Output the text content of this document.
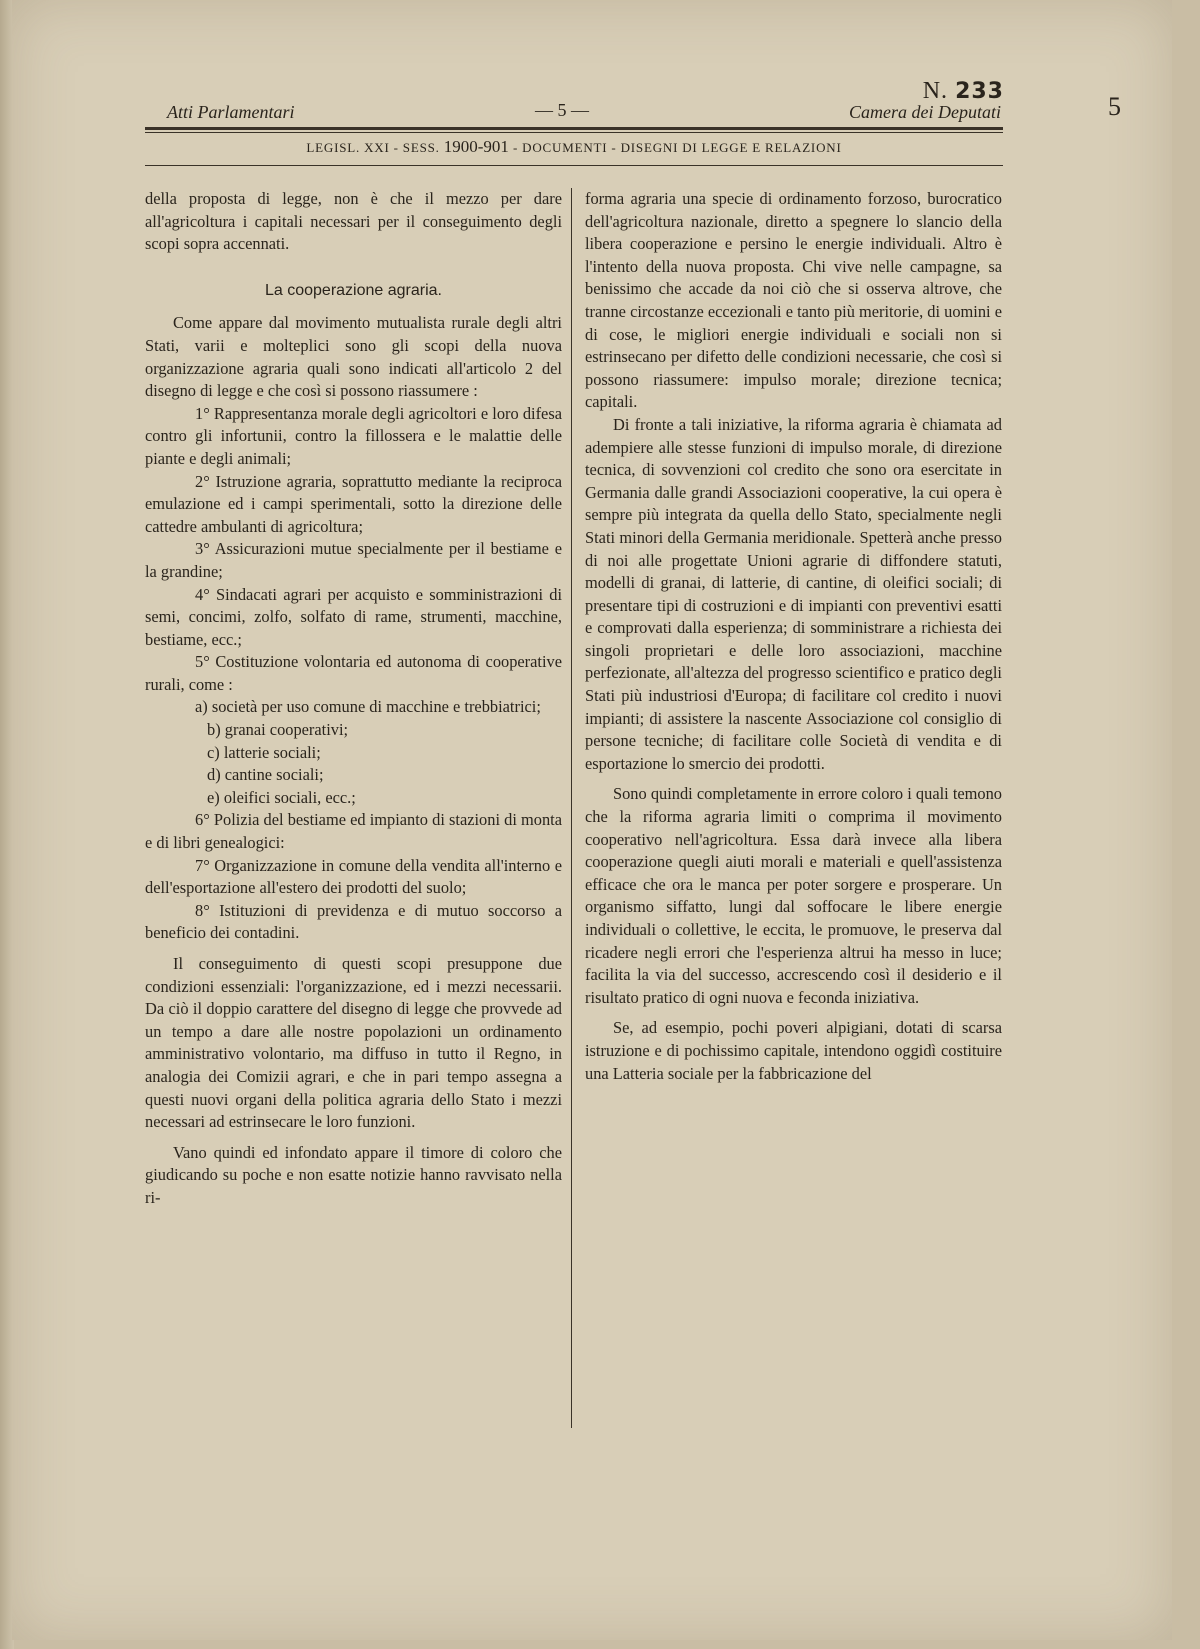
5
N. 233
Atti Parlamentari	— 5 —	Camera dei Deputati
LEGISL. XXI - SESS. 1900-901 - DOCUMENTI - DISEGNI DI LEGGE E RELAZIONI

della proposta di legge, non è che il mezzo per dare all'agricoltura i capitali necessari per il conseguimento degli scopi sopra accennati.

La cooperazione agraria.

Come appare dal movimento mutualista rurale degli altri Stati, varii e molteplici sono gli scopi della nuova organizzazione agraria quali sono indicati all'articolo 2 del disegno di legge e che così si possono riassumere :

1° Rappresentanza morale degli agricoltori e loro difesa contro gli infortunii, contro la fillossera e le malattie delle piante e degli animali;

2° Istruzione agraria, soprattutto mediante la reciproca emulazione ed i campi sperimentali, sotto la direzione delle cattedre ambulanti di agricoltura;

3° Assicurazioni mutue specialmente per il bestiame e la grandine;

4° Sindacati agrari per acquisto e somministrazioni di semi, concimi, zolfo, solfato di rame, strumenti, macchine, bestiame, ecc.;

5° Costituzione volontaria ed autonoma di cooperative rurali, come :

a) società per uso comune di macchine e trebbiatrici;

b) granai cooperativi;

c) latterie sociali;

d) cantine sociali;

e) oleifici sociali, ecc.;

6° Polizia del bestiame ed impianto di stazioni di monta e di libri genealogici:

7° Organizzazione in comune della vendita all'interno e dell'esportazione all'estero dei prodotti del suolo;

8° Istituzioni di previdenza e di mutuo soccorso a beneficio dei contadini.

Il conseguimento di questi scopi presuppone due condizioni essenziali: l'organizzazione, ed i mezzi necessarii. Da ciò il doppio carattere del disegno di legge che provvede ad un tempo a dare alle nostre popolazioni un ordinamento amministrativo volontario, ma diffuso in tutto il Regno, in analogia dei Comizii agrari, e che in pari tempo assegna a questi nuovi organi della politica agraria dello Stato i mezzi necessari ad estrinsecare le loro funzioni.

Vano quindi ed infondato appare il timore di coloro che giudicando su poche e non esatte notizie hanno ravvisato nella ri-

forma agraria una specie di ordinamento forzoso, burocratico dell'agricoltura nazionale, diretto a spegnere lo slancio della libera cooperazione e persino le energie individuali. Altro è l'intento della nuova proposta. Chi vive nelle campagne, sa benissimo che accade da noi ciò che si osserva altrove, che tranne circostanze eccezionali e tanto più meritorie, di uomini e di cose, le migliori energie individuali e sociali non si estrinsecano per difetto delle condizioni necessarie, che così si possono riassumere: impulso morale; direzione tecnica; capitali.

Di fronte a tali iniziative, la riforma agraria è chiamata ad adempiere alle stesse funzioni di impulso morale, di direzione tecnica, di sovvenzioni col credito che sono ora esercitate in Germania dalle grandi Associazioni cooperative, la cui opera è sempre più integrata da quella dello Stato, specialmente negli Stati minori della Germania meridionale. Spetterà anche presso di noi alle progettate Unioni agrarie di diffondere statuti, modelli di granai, di latterie, di cantine, di oleifici sociali; di presentare tipi di costruzioni e di impianti con preventivi esatti e comprovati dalla esperienza; di somministrare a richiesta dei singoli proprietari e delle loro associazioni, macchine perfezionate, all'altezza del progresso scientifico e pratico degli Stati più industriosi d'Europa; di facilitare col credito i nuovi impianti; di assistere la nascente Associazione col consiglio di persone tecniche; di facilitare colle Società di vendita e di esportazione lo smercio dei prodotti.

Sono quindi completamente in errore coloro i quali temono che la riforma agraria limiti o comprima il movimento cooperativo nell'agricoltura. Essa darà invece alla libera cooperazione quegli aiuti morali e materiali e quell'assistenza efficace che ora le manca per poter sorgere e prosperare. Un organismo siffatto, lungi dal soffocare le libere energie individuali o collettive, le eccita, le promuove, le preserva dal ricadere negli errori che l'esperienza altrui ha messo in luce; facilita la via del successo, accrescendo così il desiderio e il risultato pratico di ogni nuova e feconda iniziativa.

Se, ad esempio, pochi poveri alpigiani, dotati di scarsa istruzione e di pochissimo capitale, intendono oggidì costituire una Latteria sociale per la fabbricazione del
